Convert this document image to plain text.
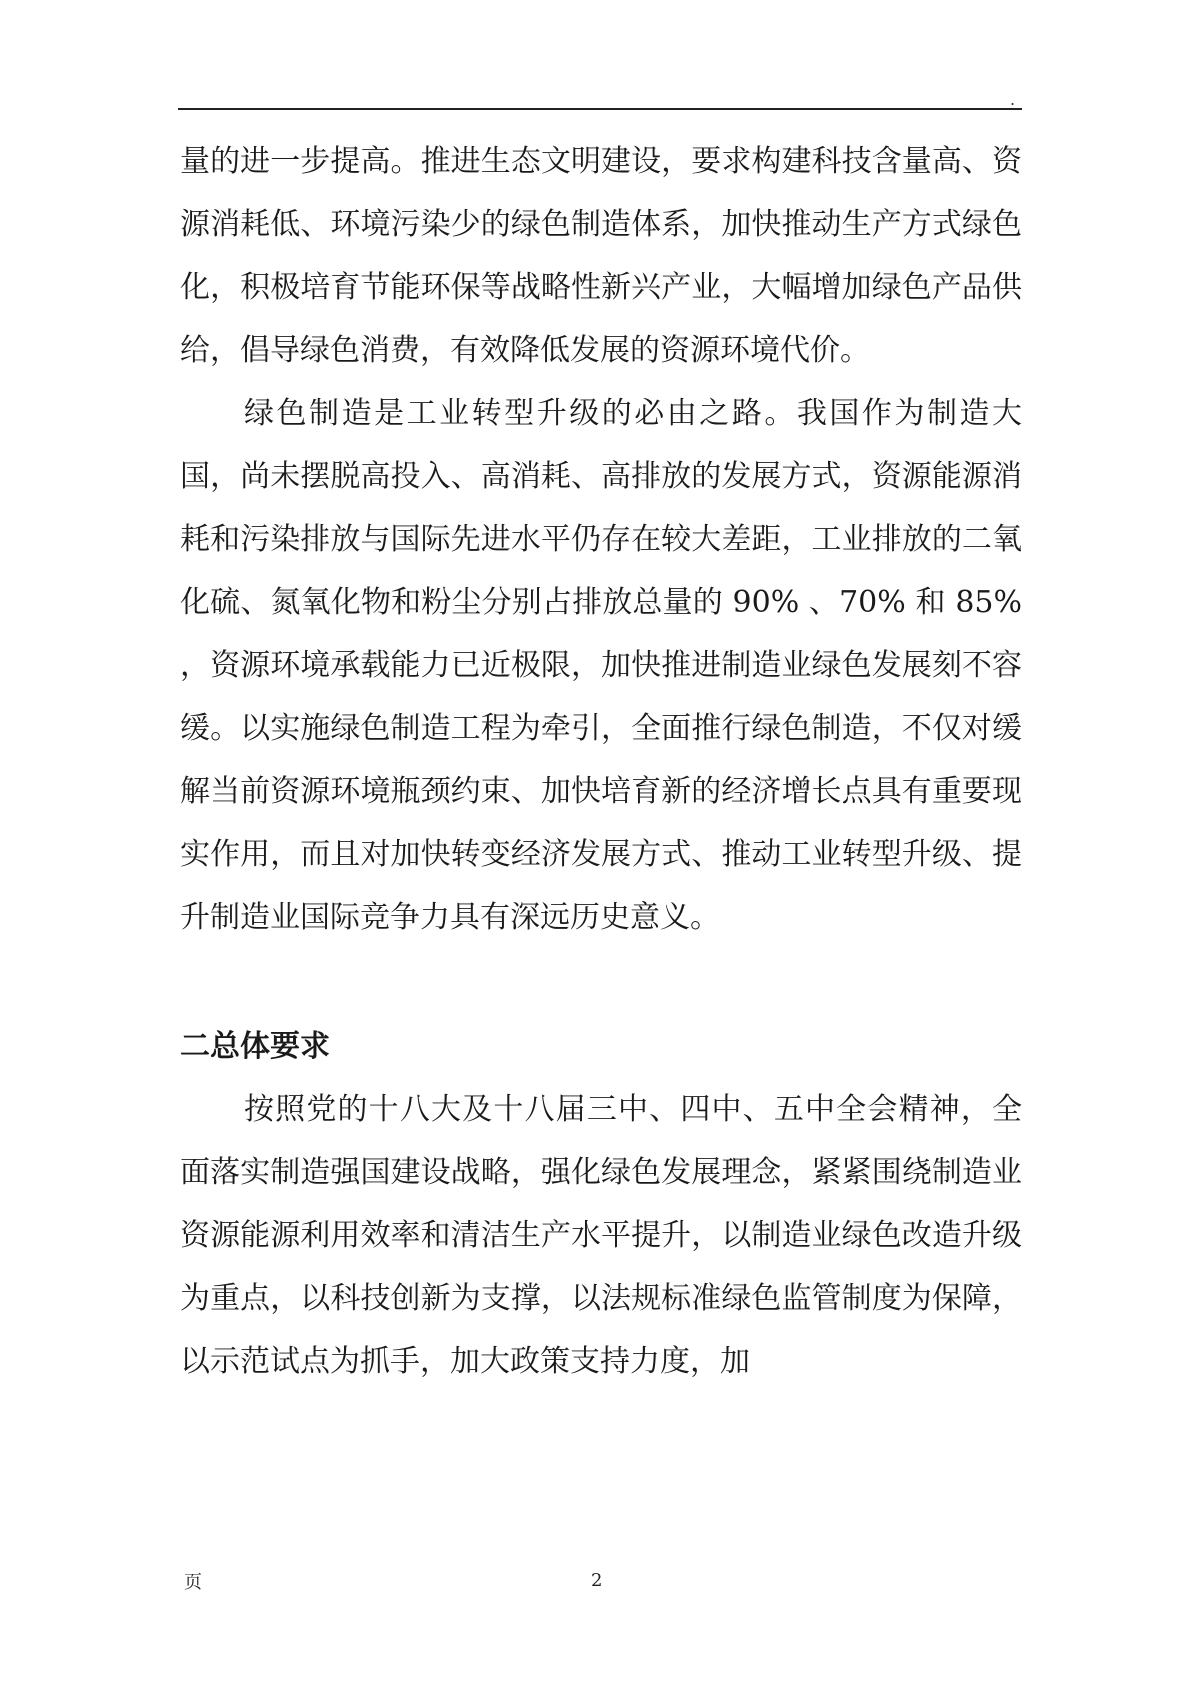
.

量的进一步提高。推进生态文明建设，要求构建科技含量高、资源消耗低、环境污染少的绿色制造体系，加快推动生产方式绿色化，积极培育节能环保等战略性新兴产业，大幅增加绿色产品供给，倡导绿色消费，有效降低发展的资源环境代价。

绿色制造是工业转型升级的必由之路。我国作为制造大国，尚未摆脱高投入、高消耗、高排放的发展方式，资源能源消耗和污染排放与国际先进水平仍存在较大差距，工业排放的二氧化硫、氮氧化物和粉尘分别占排放总量的 90% 、70% 和 85% ，资源环境承载能力已近极限，加快推进制造业绿色发展刻不容缓。以实施绿色制造工程为牵引，全面推行绿色制造，不仅对缓解当前资源环境瓶颈约束、加快培育新的经济增长点具有重要现实作用，而且对加快转变经济发展方式、推动工业转型升级、提升制造业国际竞争力具有深远历史意义。

二总体要求

按照党的十八大及十八届三中、四中、五中全会精神，全面落实制造强国建设战略，强化绿色发展理念，紧紧围绕制造业资源能源利用效率和清洁生产水平提升，以制造业绿色改造升级为重点，以科技创新为支撑，以法规标准绿色监管制度为保障，以示范试点为抓手，加大政策支持力度，加

页	2
